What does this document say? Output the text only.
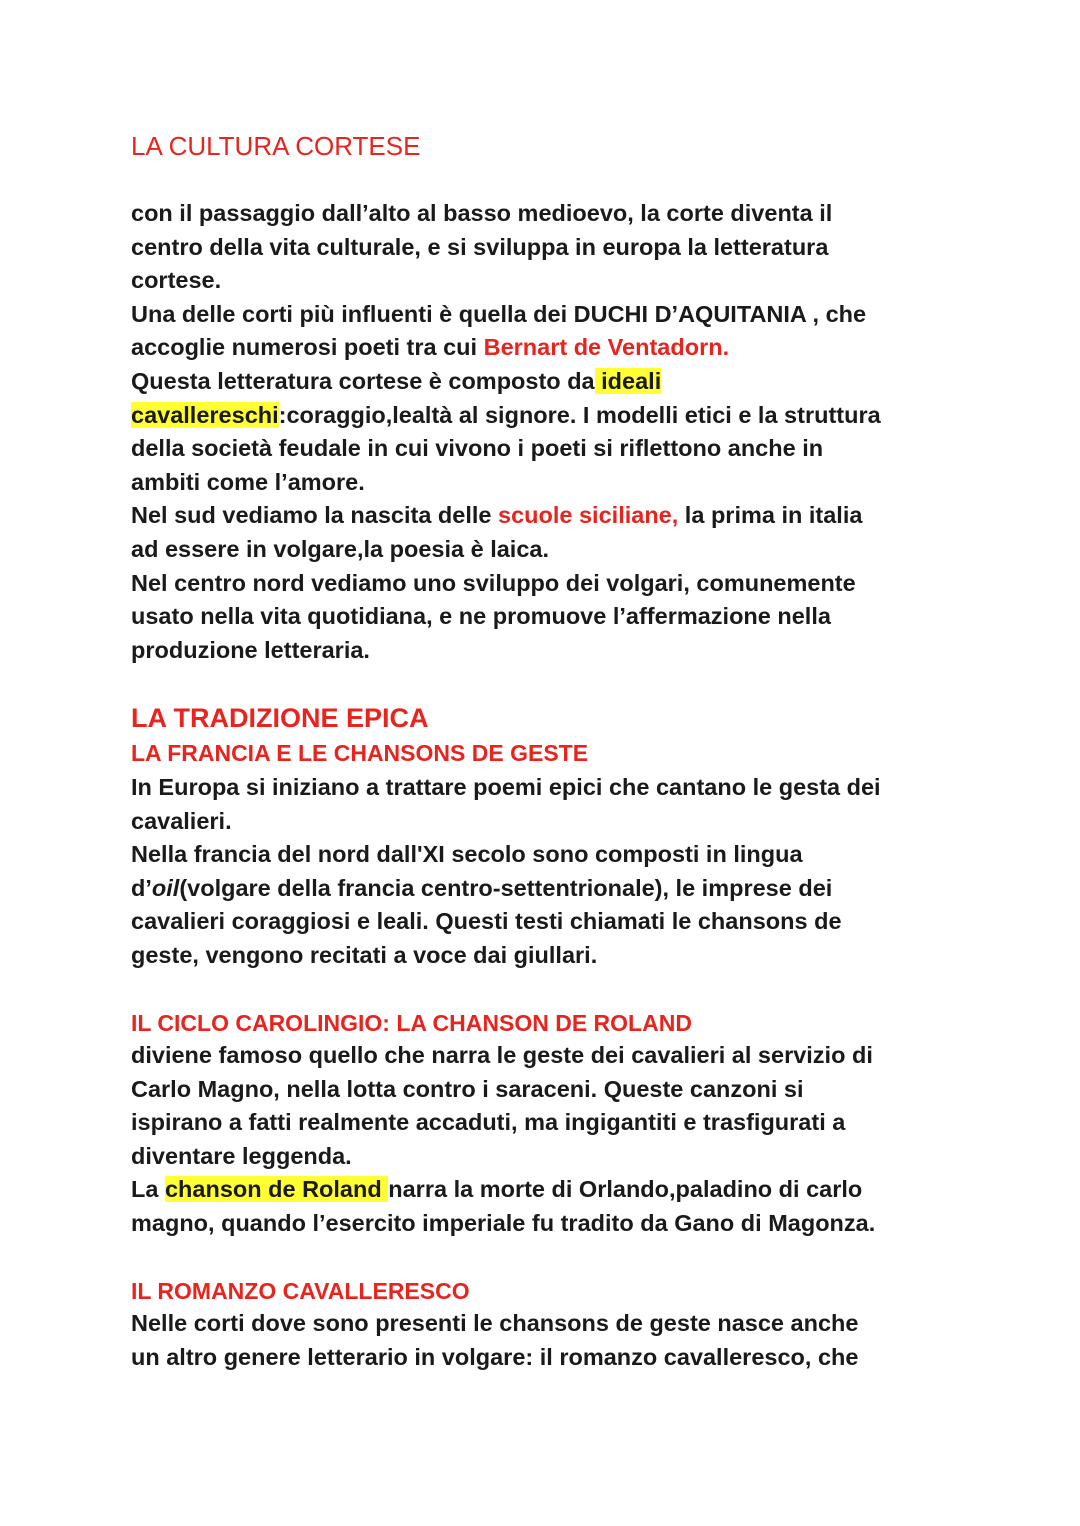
LA CULTURA CORTESE
con il passaggio dall’alto al basso medioevo, la corte diventa il
centro della vita culturale, e si sviluppa in europa la letteratura
cortese.
Una delle corti più influenti è quella dei DUCHI D’AQUITANIA , che
accoglie numerosi poeti tra cui Bernart de Ventadorn.
Questa letteratura cortese è composto da ideali
cavallereschi:coraggio,lealtà al signore. I modelli etici e la struttura
della società feudale in cui vivono i poeti si riflettono anche in
ambiti come l’amore.
Nel sud vediamo la nascita delle scuole siciliane, la prima in italia
ad essere in volgare,la poesia è laica.
Nel centro nord vediamo uno sviluppo dei volgari, comunemente
usato nella vita quotidiana, e ne promuove l’affermazione nella
produzione letteraria.
LA TRADIZIONE EPICA
LA FRANCIA E LE CHANSONS DE GESTE
In Europa si iniziano a trattare poemi epici che cantano le gesta dei
cavalieri.
Nella francia del nord dall'XI secolo sono composti in lingua
d’oil(volgare della francia centro-settentrionale), le imprese dei
cavalieri coraggiosi e leali. Questi testi chiamati le chansons de
geste, vengono recitati a voce dai giullari.
IL CICLO CAROLINGIO: LA CHANSON DE ROLAND
diviene famoso quello che narra le geste dei cavalieri al servizio di
Carlo Magno, nella lotta contro i saraceni. Queste canzoni si
ispirano a fatti realmente accaduti, ma ingigantiti e trasfigurati a
diventare leggenda.
La chanson de Roland narra la morte di Orlando,paladino di carlo
magno, quando l’esercito imperiale fu tradito da Gano di Magonza.
IL ROMANZO CAVALLERESCO
Nelle corti dove sono presenti le chansons de geste nasce anche
un altro genere letterario in volgare: il romanzo cavalleresco, che
